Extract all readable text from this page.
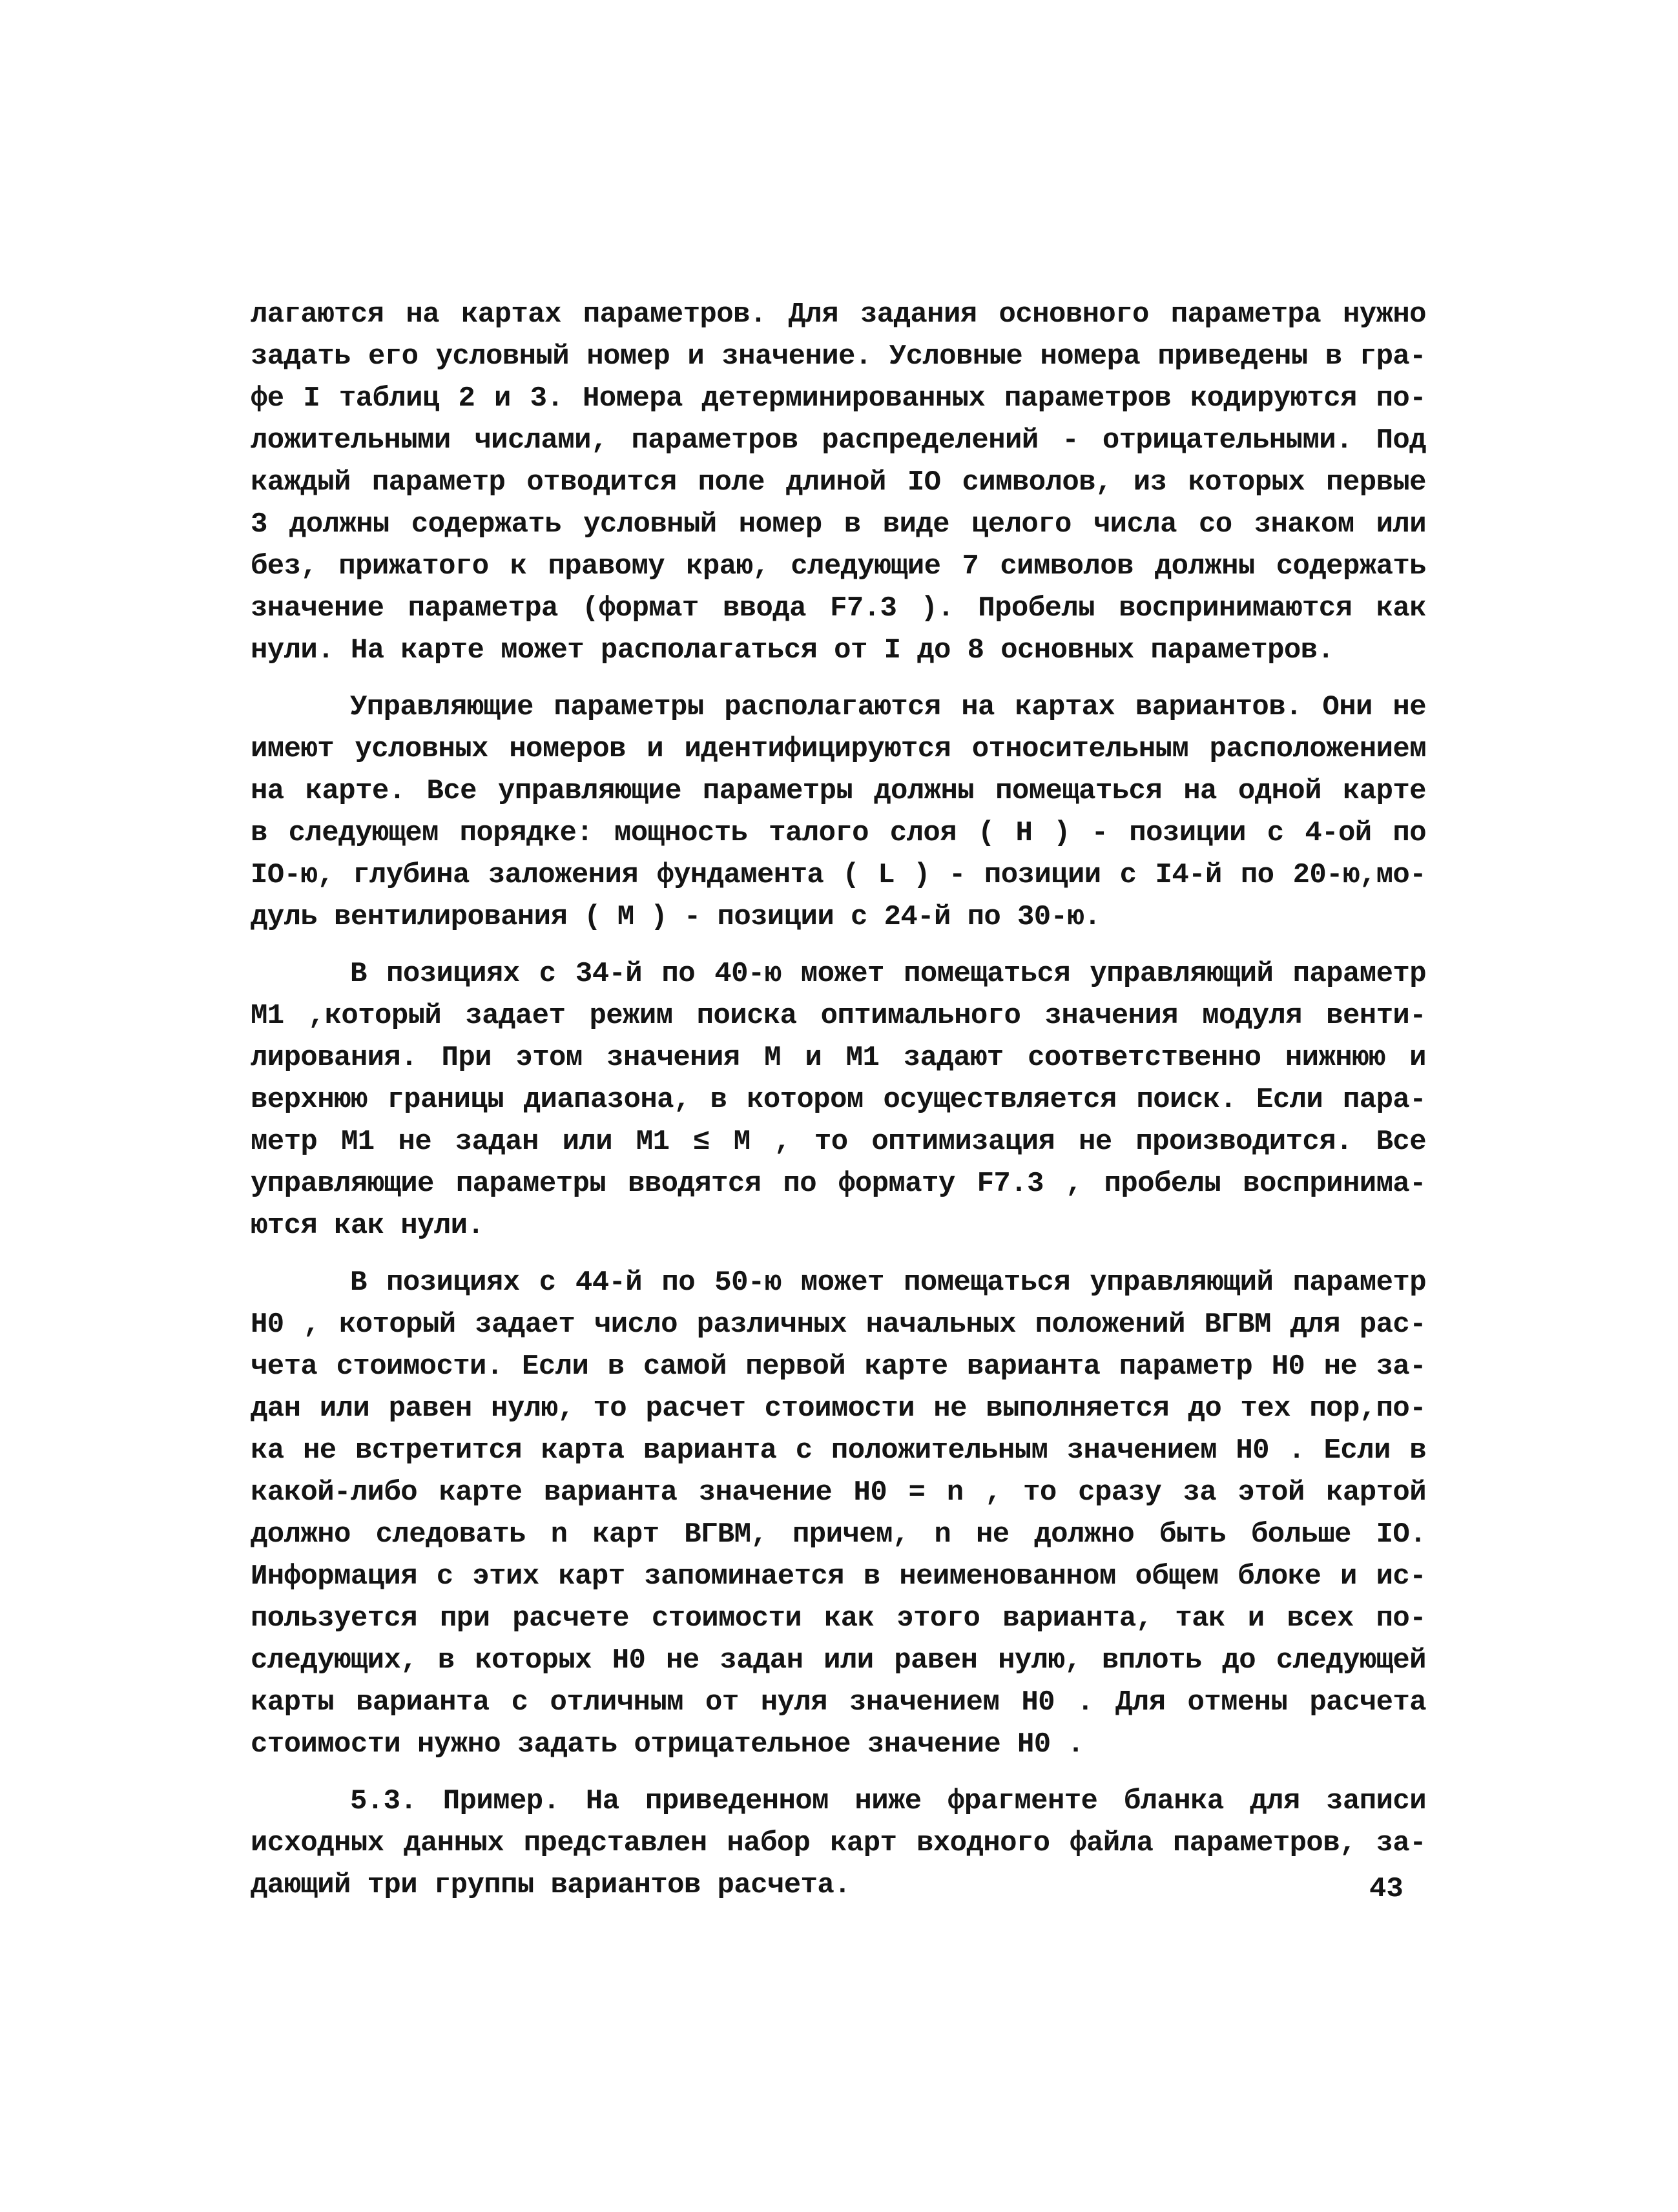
лагаются на картах параметров. Для задания основного параметра нужно
задать его условный номер и значение. Условные номера приведены в гра-
фе I таблиц 2 и 3. Номера детерминированных параметров кодируются по-
ложительными числами, параметров распределений - отрицательными. Под
каждый параметр отводится поле длиной IO символов, из которых первые
3 должны содержать условный номер в виде целого числа со знаком или
без, прижатого к правому краю, следующие 7 символов должны содержать
значение параметра (формат ввода F7.3 ). Пробелы воспринимаются как
нули. На карте может располагаться от I до 8 основных параметров.
Управляющие параметры располагаются на картах вариантов. Они не
имеют условных номеров и идентифицируются относительным расположением
на карте. Все управляющие параметры должны помещаться на одной карте
в следующем порядке: мощность талого слоя ( H ) - позиции с 4-ой по
IO-ю, глубина заложения фундамента ( L ) - позиции с I4-й по 20-ю,мо-
дуль вентилирования ( M ) - позиции с 24-й по 30-ю.
В позициях с 34-й по 40-ю может помещаться управляющий параметр
M1 ,который задает режим поиска оптимального значения модуля венти-
лирования. При этом значения M и M1 задают соответственно нижнюю и
верхнюю границы диапазона, в котором осуществляется поиск. Если пара-
метр M1 не задан или M1 ≤ M , то оптимизация не производится. Все
управляющие параметры вводятся по формату F7.3 , пробелы воспринима-
ются как нули.
В позициях с 44-й по 50-ю может помещаться управляющий параметр
H0 , который задает число различных начальных положений ВГВМ для рас-
чета стоимости. Если в самой первой карте варианта параметр H0 не за-
дан или равен нулю, то расчет стоимости не выполняется до тех пор,по-
ка не встретится карта варианта с положительным значением H0 . Если в
какой-либо карте варианта значение H0 = n , то сразу за этой картой
должно следовать n карт ВГВМ, причем, n не должно быть больше IO.
Информация с этих карт запоминается в неименованном общем блоке и ис-
пользуется при расчете стоимости как этого варианта, так и всех по-
следующих, в которых H0 не задан или равен нулю, вплоть до следующей
карты варианта с отличным от нуля значением H0 . Для отмены расчета
стоимости нужно задать отрицательное значение H0 .
5.3. Пример. На приведенном ниже фрагменте бланка для записи
исходных данных представлен набор карт входного файла параметров, за-
дающий три группы вариантов расчета.	43
